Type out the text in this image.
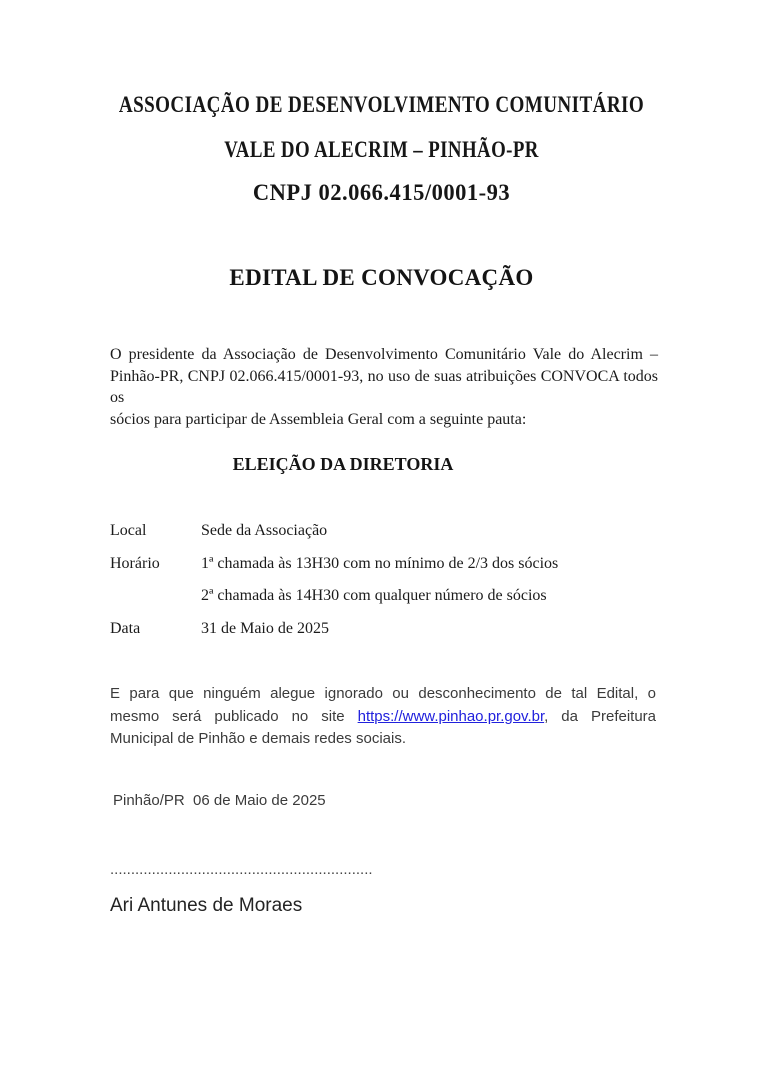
ASSOCIAÇÃO DE DESENVOLVIMENTO COMUNITÁRIO
VALE DO ALECRIM – PINHÃO-PR
CNPJ 02.066.415/0001-93
EDITAL DE CONVOCAÇÃO
O presidente da Associação de Desenvolvimento Comunitário Vale do Alecrim –
Pinhão-PR, CNPJ 02.066.415/0001-93, no uso de suas atribuições CONVOCA todos os
sócios para participar de Assembleia Geral com a seguinte pauta:
ELEIÇÃO DA DIRETORIA
Local	Sede da Associação
Horário	1ª chamada às 13H30 com no mínimo de 2/3 dos sócios
2ª chamada às 14H30 com qualquer número de sócios
Data	31 de Maio de 2025
E para que ninguém alegue ignorado ou desconhecimento de tal Edital, o
mesmo será publicado no site https://www.pinhao.pr.gov.br, da Prefeitura
Municipal de Pinhão e demais redes sociais.
Pinhão/PR  06 de Maio de 2025
...............................................................
Ari Antunes de Moraes
